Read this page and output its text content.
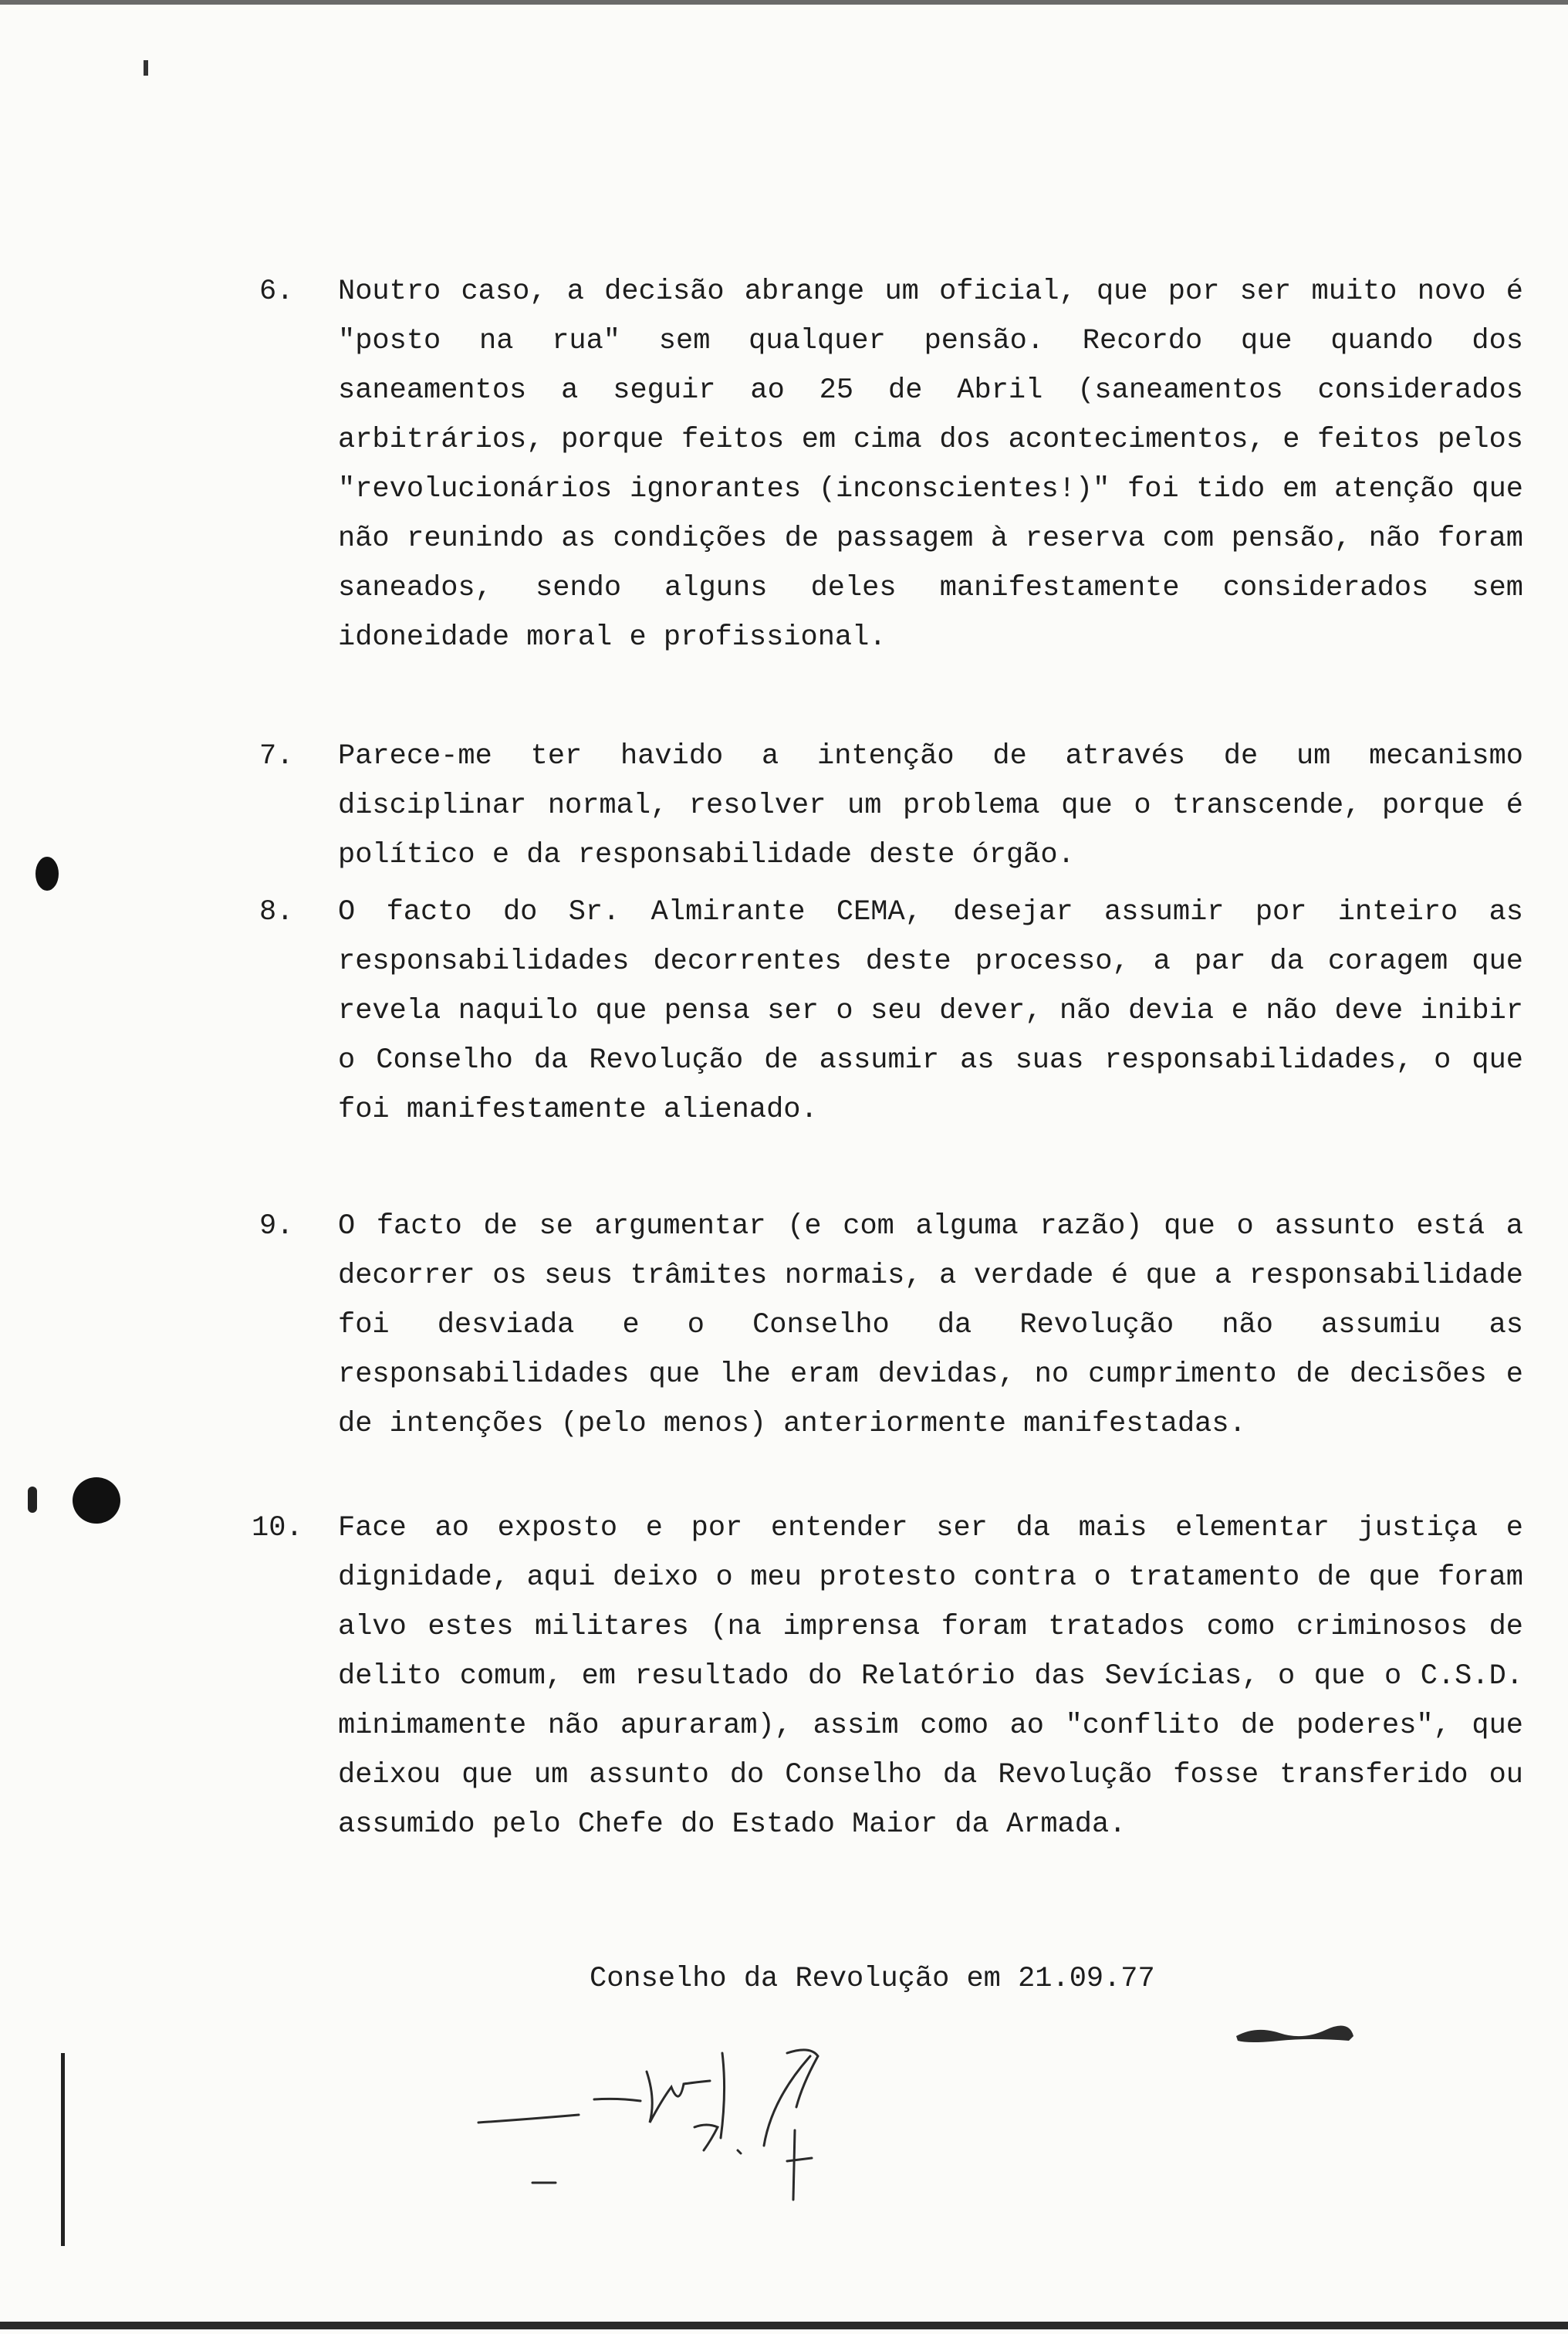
6. Noutro caso, a decisão abrange um oficial, que por ser muito novo é "posto na rua" sem qualquer pensão. Recordo que quando dos saneamentos a seguir ao 25 de Abril (saneamentos considerados arbitrários, porque feitos em cima dos acontecimentos, e feitos pelos "revolucionários ignorantes (inconscientes!)" foi tido em atenção que não reunindo as condições de passagem à reserva com pensão, não foram saneados, sendo alguns deles manifestamente considerados sem idoneidade moral e profissional.
7. Parece-me ter havido a intenção de através de um mecanismo disciplinar normal, resolver um problema que o transcende, porque é político e da responsabilidade deste órgão.
8. O facto do Sr. Almirante CEMA, desejar assumir por inteiro as responsabilidades decorrentes deste processo, a par da coragem que revela naquilo que pensa ser o seu dever, não devia e não deve inibir o Conselho da Revolução de assumir as suas responsabilidades, o que foi manifestamente alienado.
9. O facto de se argumentar (e com alguma razão) que o assunto está a decorrer os seus trâmites normais, a verdade é que a responsabilidade foi desviada e o Conselho da Revolução não assumiu as responsabilidades que lhe eram devidas, no cumprimento de decisões e de intenções (pelo menos) anteriormente manifestadas.
10. Face ao exposto e por entender ser da mais elementar justiça e dignidade, aqui deixo o meu protesto contra o tratamento de que foram alvo estes militares (na imprensa foram tratados como criminosos de delito comum, em resultado do Relatório das Sevícias, o que o C.S.D. minimamente não apuraram), assim como ao "conflito de poderes", que deixou que um assunto do Conselho da Revolução fosse transferido ou assumido pelo Chefe do Estado Maior da Armada.
Conselho da Revolução em 21.09.77
